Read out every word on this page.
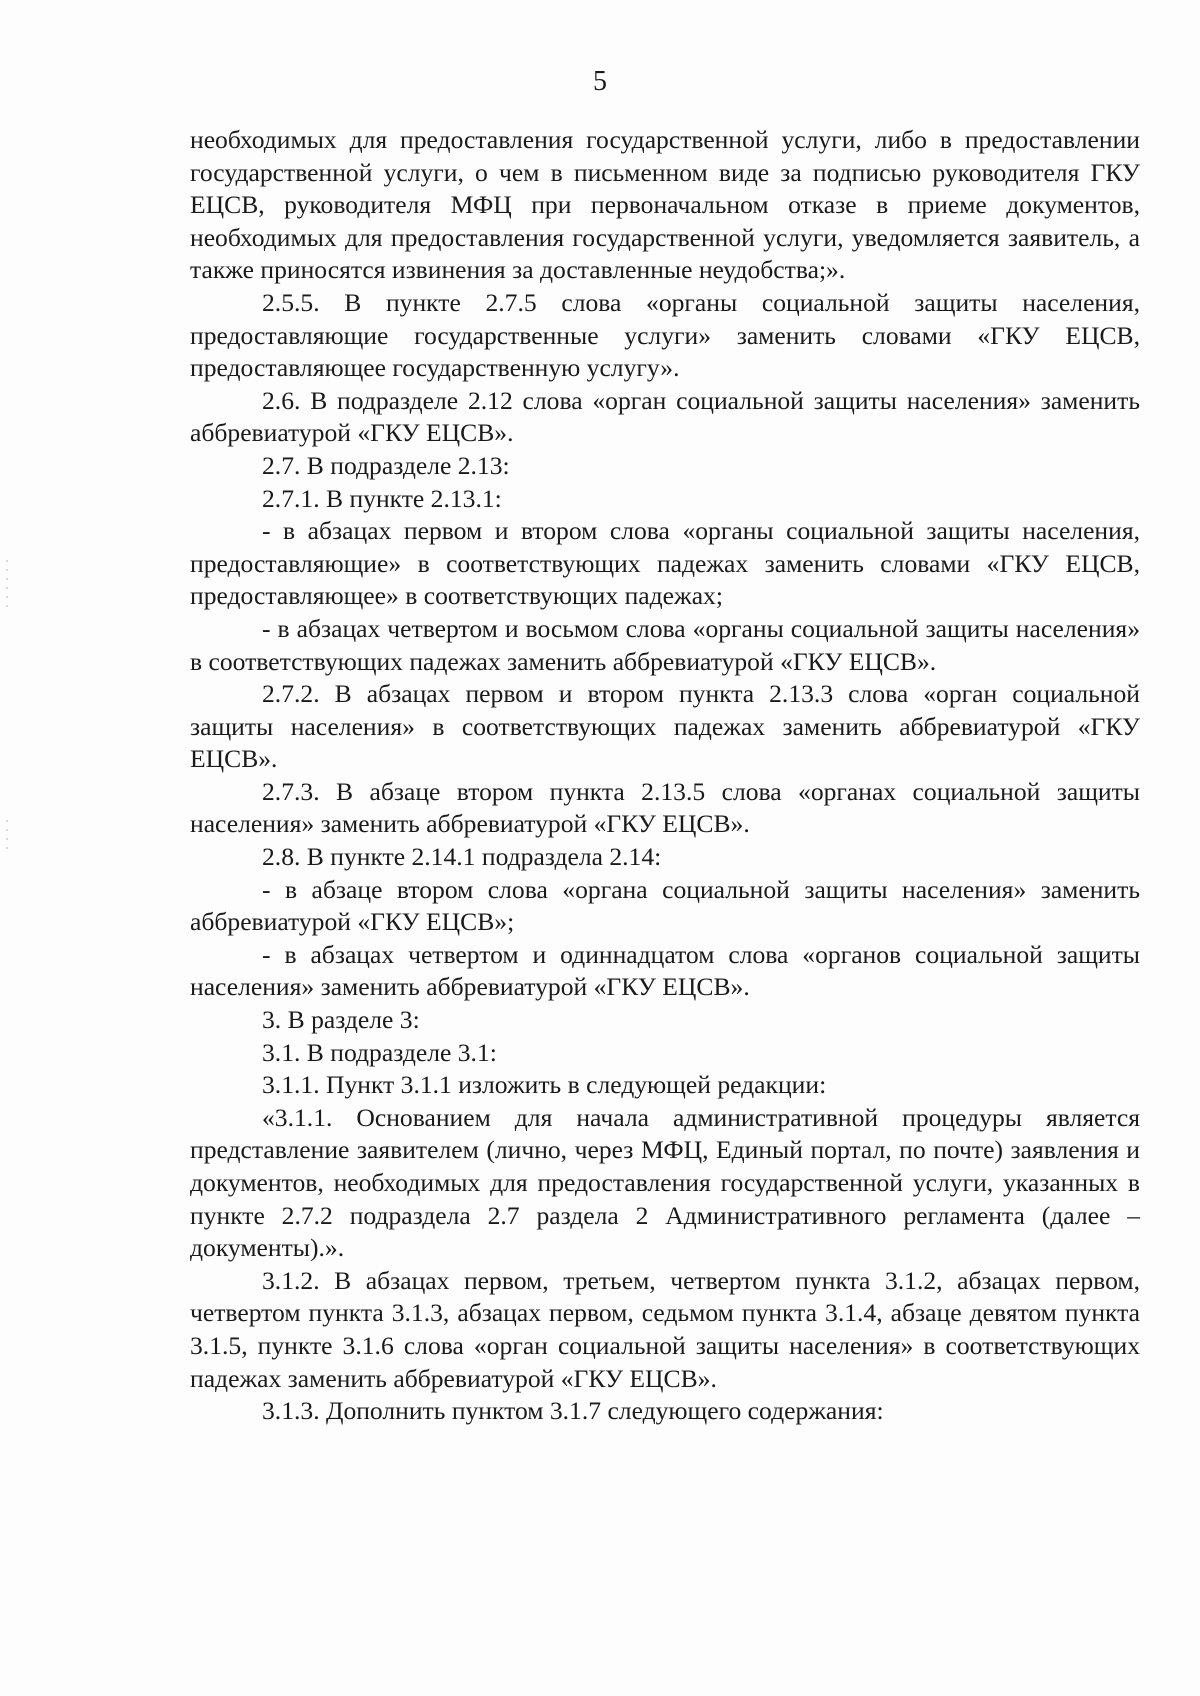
5

необходимых для предоставления государственной услуги, либо в предоставлении государственной услуги, о чем в письменном виде за подписью руководителя ГКУ ЕЦСВ, руководителя МФЦ при первоначальном отказе в приеме документов, необходимых для предоставления государственной услуги, уведомляется заявитель, а также приносятся извинения за доставленные неудобства;».

2.5.5. В пункте 2.7.5 слова «органы социальной защиты населения, предоставляющие государственные услуги» заменить словами «ГКУ ЕЦСВ, предоставляющее государственную услугу».

2.6. В подразделе 2.12 слова «орган социальной защиты населения» заменить аббревиатурой «ГКУ ЕЦСВ».

2.7. В подразделе 2.13:

2.7.1. В пункте 2.13.1:

- в абзацах первом и втором слова «органы социальной защиты населения, предоставляющие» в соответствующих падежах заменить словами «ГКУ ЕЦСВ, предоставляющее» в соответствующих падежах;

- в абзацах четвертом и восьмом слова «органы социальной защиты населения» в соответствующих падежах заменить аббревиатурой «ГКУ ЕЦСВ».

2.7.2. В абзацах первом и втором пункта 2.13.3 слова «орган социальной защиты населения» в соответствующих падежах заменить аббревиатурой «ГКУ ЕЦСВ».

2.7.3. В абзаце втором пункта 2.13.5 слова «органах социальной защиты населения» заменить аббревиатурой «ГКУ ЕЦСВ».

2.8. В пункте 2.14.1 подраздела 2.14:

- в абзаце втором слова «органа социальной защиты населения» заменить аббревиатурой «ГКУ ЕЦСВ»;

- в абзацах четвертом и одиннадцатом слова «органов социальной защиты населения» заменить аббревиатурой «ГКУ ЕЦСВ».

3. В разделе 3:

3.1. В подразделе 3.1:

3.1.1. Пункт 3.1.1 изложить в следующей редакции:

«3.1.1. Основанием для начала административной процедуры является представление заявителем (лично, через МФЦ, Единый портал, по почте) заявления и документов, необходимых для предоставления государственной услуги, указанных в пункте 2.7.2 подраздела 2.7 раздела 2 Административного регламента (далее – документы).».

3.1.2. В абзацах первом, третьем, четвертом пункта 3.1.2, абзацах первом, четвертом пункта 3.1.3, абзацах первом, седьмом пункта 3.1.4, абзаце девятом пункта 3.1.5, пункте 3.1.6 слова «орган социальной защиты населения» в соответствующих падежах заменить аббревиатурой «ГКУ ЕЦСВ».

3.1.3. Дополнить пунктом 3.1.7 следующего содержания:
